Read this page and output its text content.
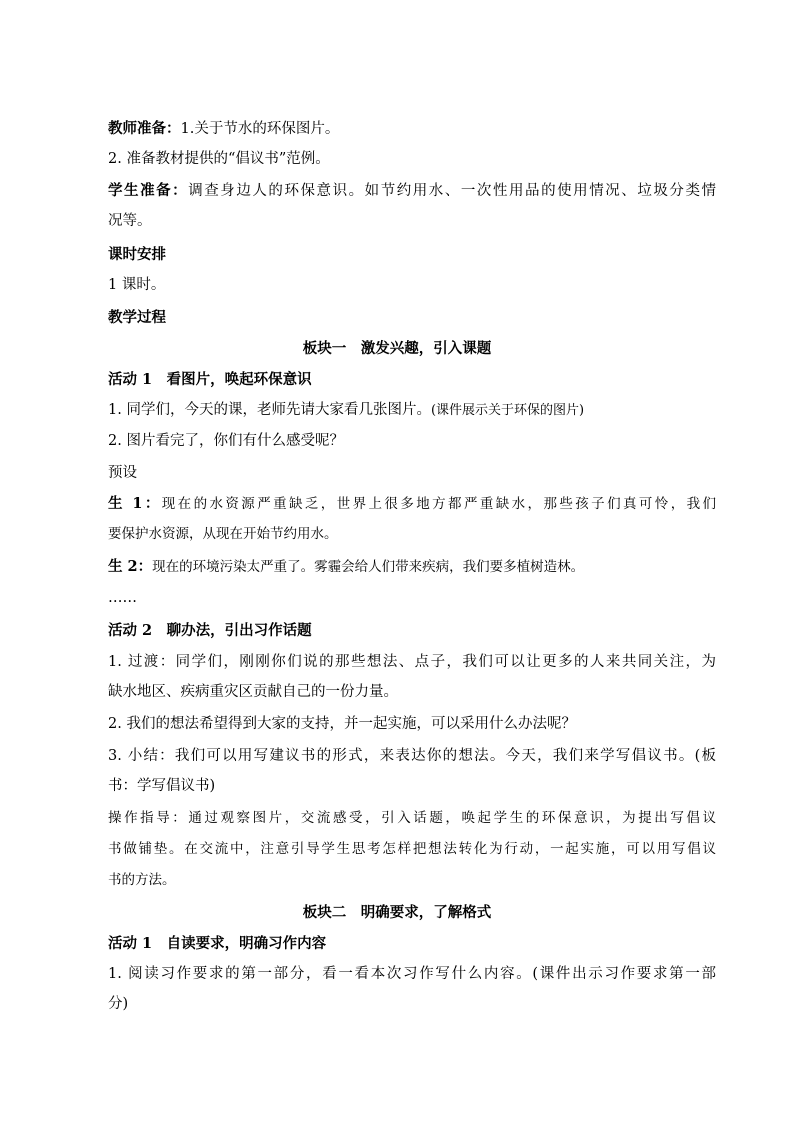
教师准备：1.关于节水的环保图片。
2. 准备教材提供的“倡议书”范例。
学生准备：调查身边人的环保意识。如节约用水、一次性用品的使用情况、垃圾分类情
况等。
课时安排
1 课时。
教学过程
板块一　激发兴趣，引入课题
活动 1　看图片，唤起环保意识
1. 同学们，今天的课，老师先请大家看几张图片。(课件展示关于环保的图片)
2. 图片看完了，你们有什么感受呢？
预设
生 1：现在的水资源严重缺乏，世界上很多地方都严重缺水，那些孩子们真可怜，我们
要保护水资源，从现在开始节约用水。
生 2：现在的环境污染太严重了。雾霾会给人们带来疾病，我们要多植树造林。
……
活动 2　聊办法，引出习作话题
1. 过渡：同学们，刚刚你们说的那些想法、点子，我们可以让更多的人来共同关注，为
缺水地区、疾病重灾区贡献自己的一份力量。
2. 我们的想法希望得到大家的支持，并一起实施，可以采用什么办法呢？
3. 小结：我们可以用写建议书的形式，来表达你的想法。今天，我们来学写倡议书。(板
书：学写倡议书)
操作指导：通过观察图片，交流感受，引入话题，唤起学生的环保意识，为提出写倡议
书做铺垫。在交流中，注意引导学生思考怎样把想法转化为行动，一起实施，可以用写倡议
书的方法。
板块二　明确要求，了解格式
活动 1　自读要求，明确习作内容
1. 阅读习作要求的第一部分，看一看本次习作写什么内容。(课件出示习作要求第一部
分)
